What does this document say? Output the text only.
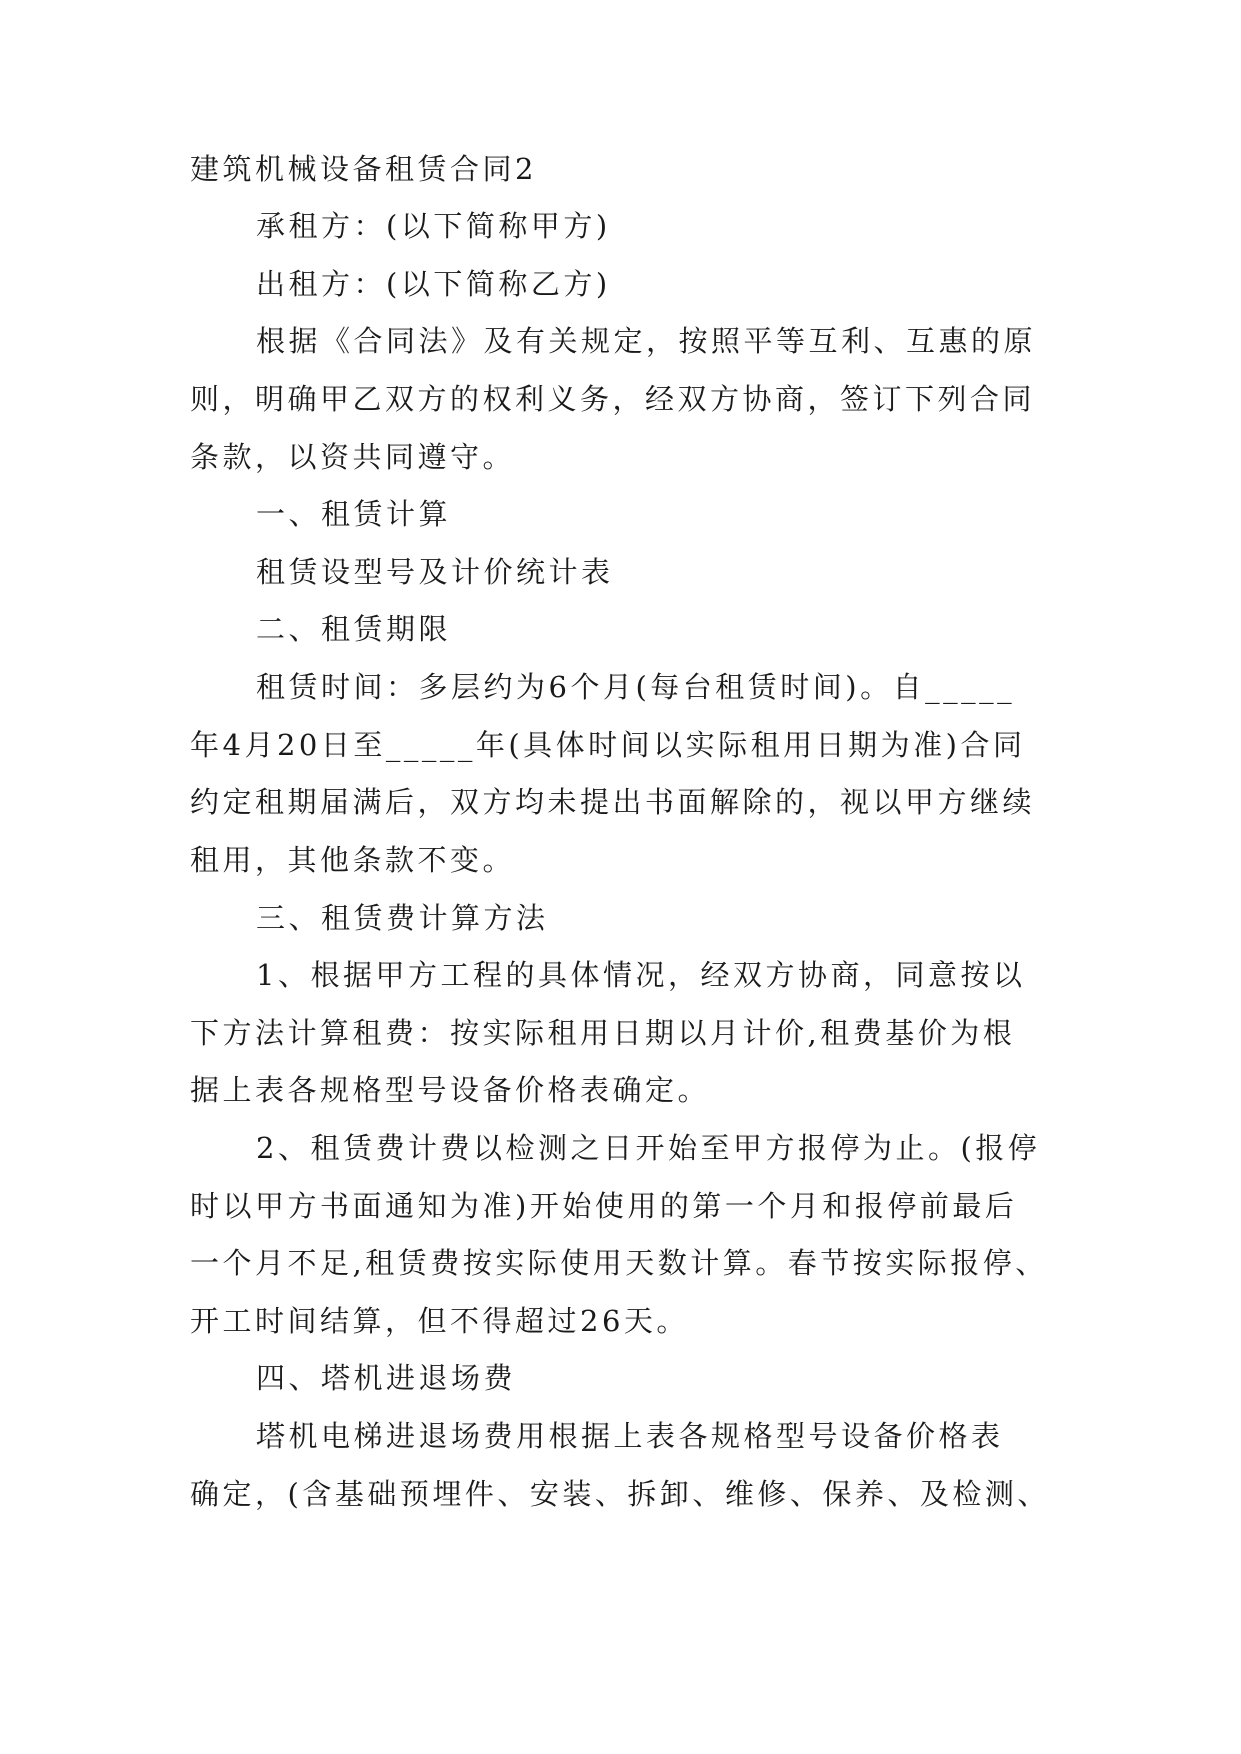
建筑机械设备租赁合同2
承租方：(以下简称甲方)
出租方：(以下简称乙方)
根据《合同法》及有关规定，按照平等互利、互惠的原
则，明确甲乙双方的权利义务，经双方协商，签订下列合同
条款，以资共同遵守。
一、租赁计算
租赁设型号及计价统计表
二、租赁期限
租赁时间：多层约为6个月(每台租赁时间)。自_____
年4月20日至_____年(具体时间以实际租用日期为准)合同
约定租期届满后，双方均未提出书面解除的，视以甲方继续
租用，其他条款不变。
三、租赁费计算方法
1、根据甲方工程的具体情况，经双方协商，同意按以
下方法计算租费：按实际租用日期以月计价,租费基价为根
据上表各规格型号设备价格表确定。
2、租赁费计费以检测之日开始至甲方报停为止。(报停
时以甲方书面通知为准)开始使用的第一个月和报停前最后
一个月不足,租赁费按实际使用天数计算。春节按实际报停、
开工时间结算，但不得超过26天。
四、塔机进退场费
塔机电梯进退场费用根据上表各规格型号设备价格表
确定，(含基础预埋件、安装、拆卸、维修、保养、及检测、
